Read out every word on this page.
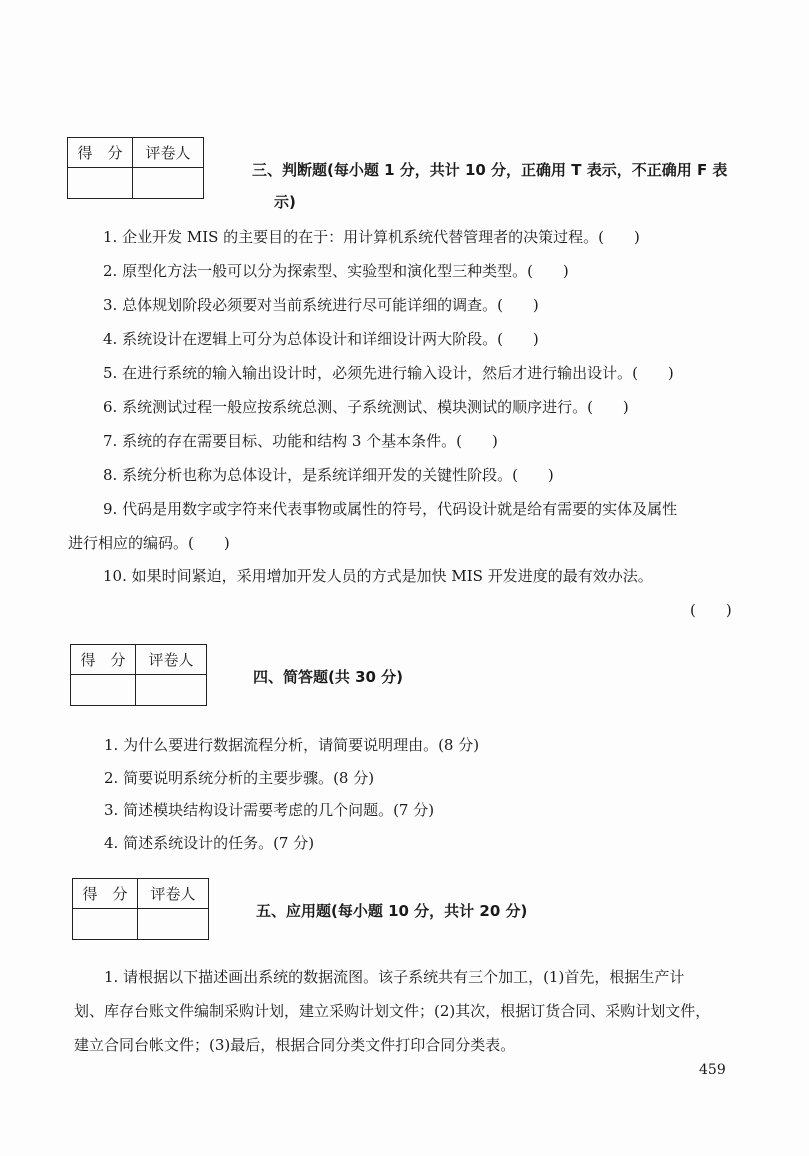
得　分	评卷人

三、判断题(每小题 1 分，共计 10 分，正确用 T 表示，不正确用 F 表
示)
1. 企业开发 MIS 的主要目的在于：用计算机系统代替管理者的决策过程。(　　)
2. 原型化方法一般可以分为探索型、实验型和演化型三种类型。(　　)
3. 总体规划阶段必须要对当前系统进行尽可能详细的调查。(　　)
4. 系统设计在逻辑上可分为总体设计和详细设计两大阶段。(　　)
5. 在进行系统的输入输出设计时，必须先进行输入设计，然后才进行输出设计。(　　)
6. 系统测试过程一般应按系统总测、子系统测试、模块测试的顺序进行。(　　)
7. 系统的存在需要目标、功能和结构 3 个基本条件。(　　)
8. 系统分析也称为总体设计，是系统详细开发的关键性阶段。(　　)
9. 代码是用数字或字符来代表事物或属性的符号，代码设计就是给有需要的实体及属性
进行相应的编码。(　　)
10. 如果时间紧迫，采用增加开发人员的方式是加快 MIS 开发进度的最有效办法。
(　　)
得　分	评卷人

四、简答题(共 30 分)
1. 为什么要进行数据流程分析，请简要说明理由。(8 分)
2. 简要说明系统分析的主要步骤。(8 分)
3. 简述模块结构设计需要考虑的几个问题。(7 分)
4. 简述系统设计的任务。(7 分)
得　分	评卷人

五、应用题(每小题 10 分，共计 20 分)
1. 请根据以下描述画出系统的数据流图。该子系统共有三个加工，(1)首先，根据生产计
划、库存台账文件编制采购计划，建立采购计划文件；(2)其次，根据订货合同、采购计划文件，
建立合同台帐文件；(3)最后，根据合同分类文件打印合同分类表。
459
